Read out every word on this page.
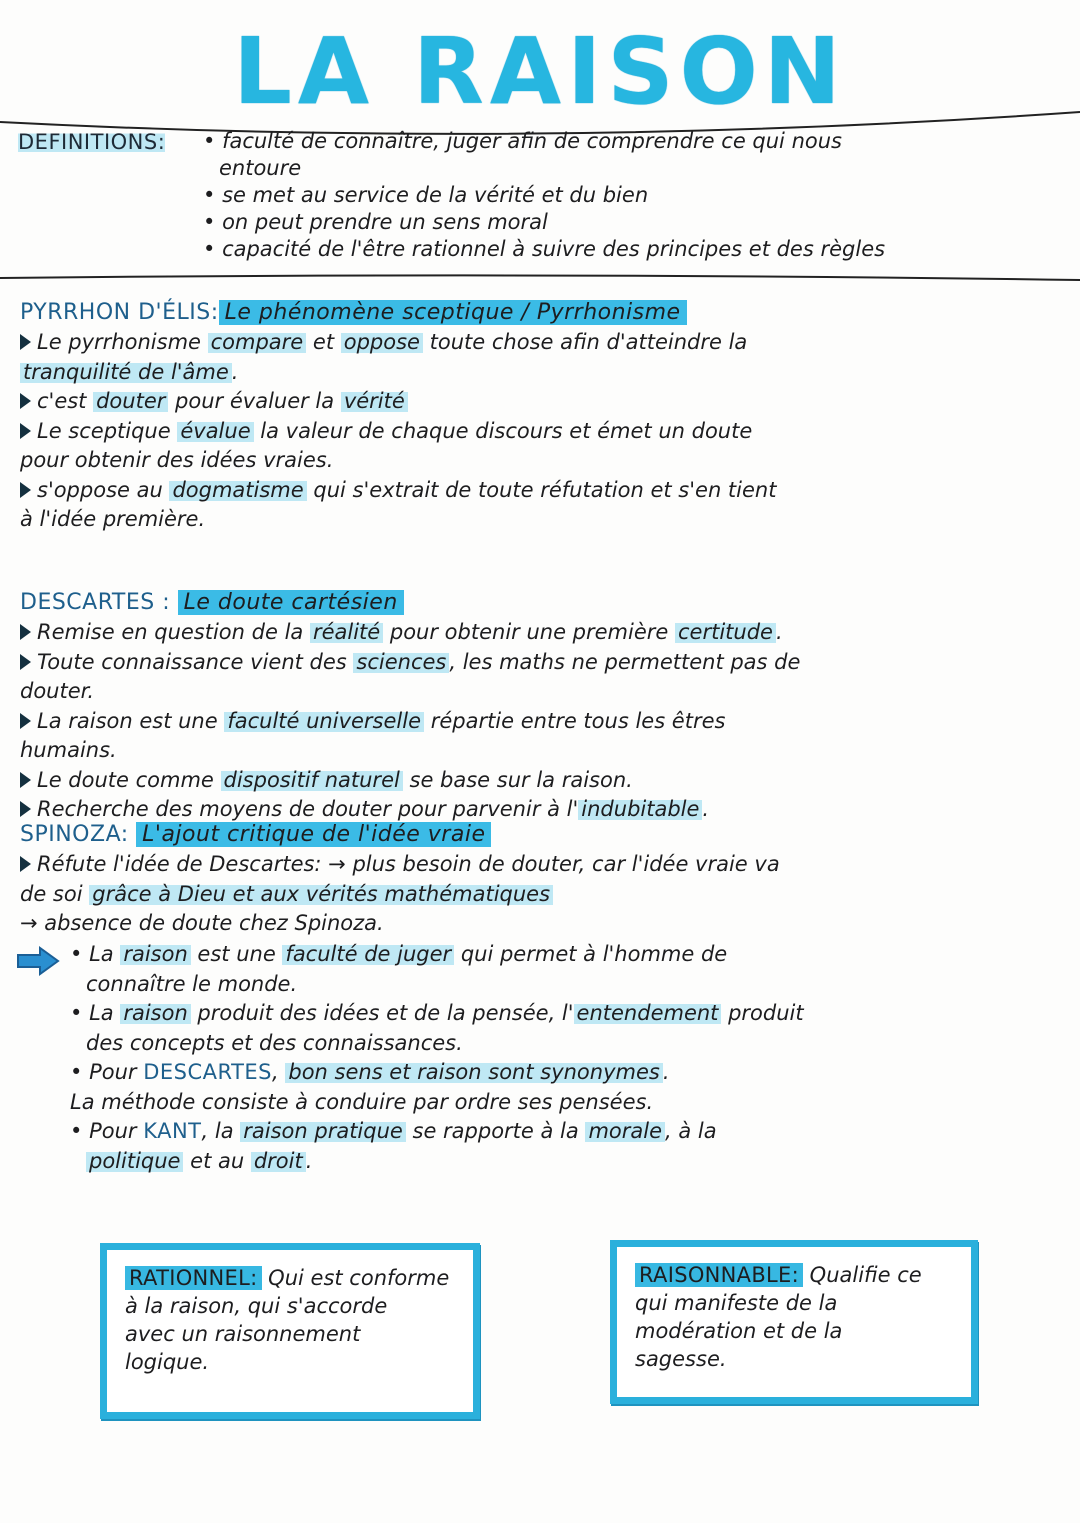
LA RAISON
DEFINITIONS:	• faculté de connaître, juger afin de comprendre ce qui nous
entoure
• se met au service de la vérité et du bien
• on peut prendre un sens moral
• capacité de l'être rationnel à suivre des principes et des règles
PYRRHON D'ÉLIS: Le phénomène sceptique / Pyrrhonisme

Le pyrrhonisme compare et oppose toute chose afin d'atteindre la

tranquilité de l'âme .

c'est douter pour évaluer la vérité

Le sceptique évalue la valeur de chaque discours et émet un doute

pour obtenir des idées vraies.

s'oppose au dogmatisme qui s'extrait de toute réfutation et s'en tient

à l'idée première.

DESCARTES : Le doute cartésien

Remise en question de la réalité pour obtenir une première certitude .

Toute connaissance vient des sciences , les maths ne permettent pas de

douter.

La raison est une faculté universelle répartie entre tous les êtres

humains.

Le doute comme dispositif naturel se base sur la raison.

Recherche des moyens de douter pour parvenir à l' indubitable .

SPINOZA: L'ajout critique de l'idée vraie

Réfute l'idée de Descartes: → plus besoin de douter, car l'idée vraie va

de soi grâce à Dieu et aux vérités mathématiques

→ absence de doute chez Spinoza.

• La raison est une faculté de juger qui permet à l'homme de

connaître le monde.

• La raison produit des idées et de la pensée, l' entendement produit

des concepts et des connaissances.

• Pour DESCARTES, bon sens et raison sont synonymes .

La méthode consiste à conduire par ordre ses pensées.

• Pour KANT, la raison pratique se rapporte à la morale , à la

politique et au droit .

RATIONNEL: Qui est conforme
à la raison, qui s'accorde
avec un raisonnement
logique.
RAISONNABLE: Qualifie ce
qui manifeste de la
modération et de la
sagesse.
